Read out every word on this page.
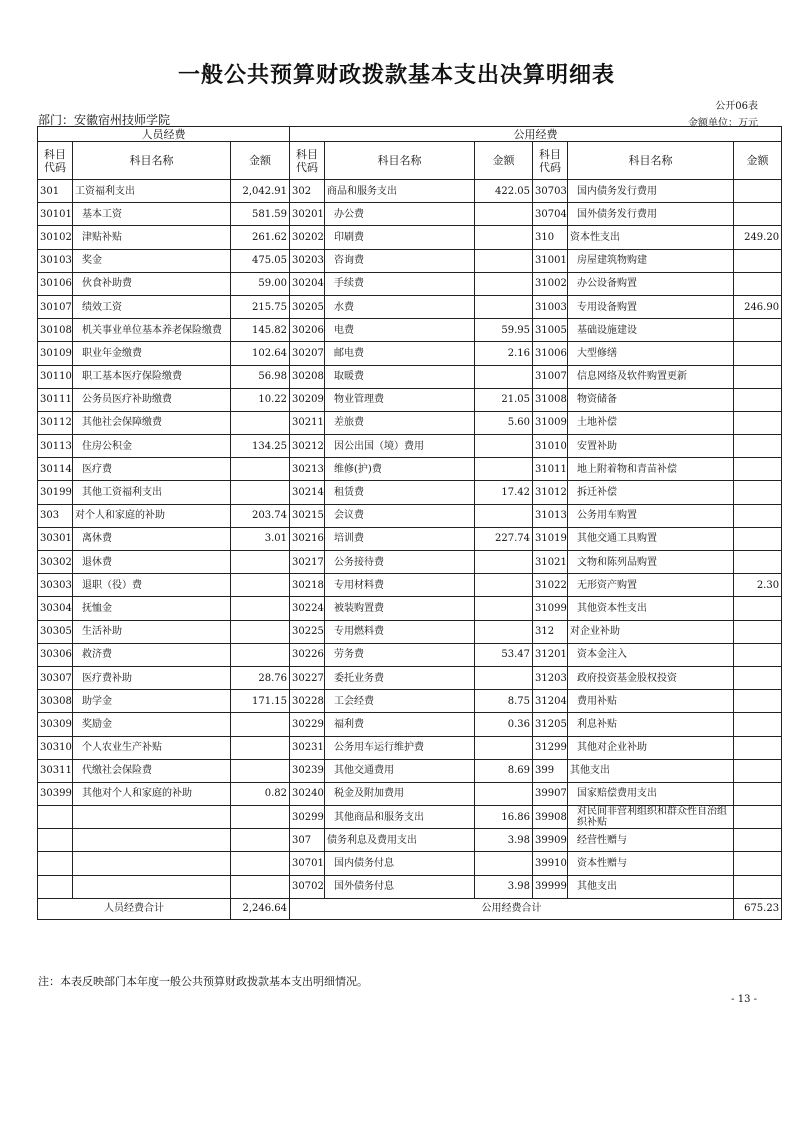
一般公共预算财政拨款基本支出决算明细表
公开06表
部门：安徽宿州技师学院	金额单位：万元
人员经费			公用经费					
科目代码	科目名称	金额	科目代码	科目名称	金额	科目代码	科目名称	金额
301	工资福利支出	2,042.91	302	商品和服务支出	422.05	30703	国内债务发行费用	
30101	基本工资	581.59	30201	办公费		30704	国外债务发行费用	
30102	津贴补贴	261.62	30202	印刷费		310	资本性支出	249.20
30103	奖金	475.05	30203	咨询费		31001	房屋建筑物购建	
30106	伙食补助费	59.00	30204	手续费		31002	办公设备购置	
30107	绩效工资	215.75	30205	水费		31003	专用设备购置	246.90
30108	机关事业单位基本养老保险缴费	145.82	30206	电费	59.95	31005	基础设施建设	
30109	职业年金缴费	102.64	30207	邮电费	2.16	31006	大型修缮	
30110	职工基本医疗保险缴费	56.98	30208	取暖费		31007	信息网络及软件购置更新	
30111	公务员医疗补助缴费	10.22	30209	物业管理费	21.05	31008	物资储备	
30112	其他社会保障缴费		30211	差旅费	5.60	31009	土地补偿	
30113	住房公积金	134.25	30212	因公出国（境）费用		31010	安置补助	
30114	医疗费		30213	维修(护)费		31011	地上附着物和青苗补偿	
30199	其他工资福利支出		30214	租赁费	17.42	31012	拆迁补偿	
303	对个人和家庭的补助	203.74	30215	会议费		31013	公务用车购置	
30301	离休费	3.01	30216	培训费	227.74	31019	其他交通工具购置	
30302	退休费		30217	公务接待费		31021	文物和陈列品购置	
30303	退职（役）费		30218	专用材料费		31022	无形资产购置	2.30
30304	抚恤金		30224	被装购置费		31099	其他资本性支出	
30305	生活补助		30225	专用燃料费		312	对企业补助	
30306	救济费		30226	劳务费	53.47	31201	资本金注入	
30307	医疗费补助	28.76	30227	委托业务费		31203	政府投资基金股权投资	
30308	助学金	171.15	30228	工会经费	8.75	31204	费用补贴	
30309	奖励金		30229	福利费	0.36	31205	利息补贴	
30310	个人农业生产补贴		30231	公务用车运行维护费		31299	其他对企业补助	
30311	代缴社会保险费		30239	其他交通费用	8.69	399	其他支出	
30399	其他对个人和家庭的补助	0.82	30240	税金及附加费用		39907	国家赔偿费用支出	
			30299	其他商品和服务支出	16.86	39908	对民间非营利组织和群众性自治组织补贴	
			307	债务利息及费用支出	3.98	39909	经营性赠与	
			30701	国内债务付息		39910	资本性赠与	
			30702	国外债务付息	3.98	39999	其他支出	
人员经费合计		2,246.64	公用经费合计					675.23
注：本表反映部门本年度一般公共预算财政拨款基本支出明细情况。
- 13 -
